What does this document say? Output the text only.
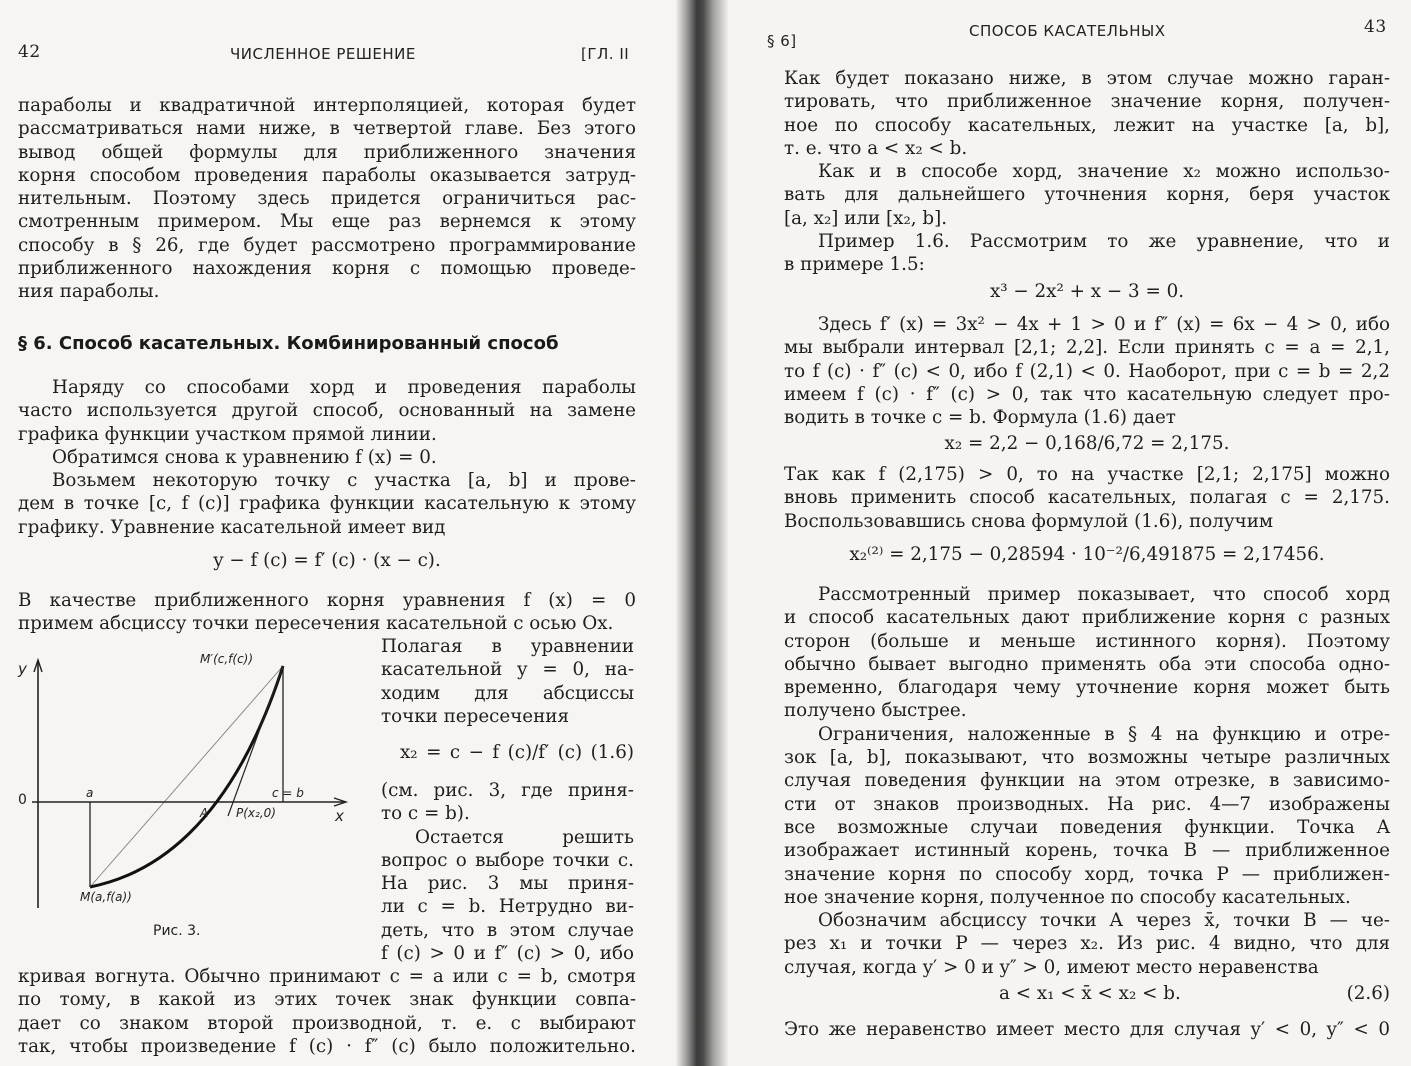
42	ЧИСЛЕННОЕ РЕШЕНИЕ	[ГЛ. II
параболы и квадратичной интерполяцией, которая будет
рассматриваться нами ниже, в четвертой главе. Без этого
вывод общей формулы для приближенного значения
корня способом проведения параболы оказывается затруд-
нительным. Поэтому здесь придется ограничиться рас-
смотренным примером. Мы еще раз вернемся к этому
способу в § 26, где будет рассмотрено программирование
приближенного нахождения корня с помощью проведе-
ния параболы.
§ 6. Способ касательных. Комбинированный способ
Наряду со способами хорд и проведения параболы
часто используется другой способ, основанный на замене
графика функции участком прямой линии.
Обратимся снова к уравнению f (x) = 0.
Возьмем некоторую точку c участка [a, b] и прове-
дем в точке [c, f (c)] графика функции касательную к этому
графику. Уравнение касательной имеет вид
y − f (c) = f′ (c) · (x − c).
В качестве приближенного корня уравнения f (x) = 0
примем абсциссу точки пересечения касательной с осью Ox.
y
x
0	a	c = b
A P(x₂,0)
M′(c,f(c))
M(a,f(a))
Рис. 3.
Полагая в уравнении
касательной y = 0, на-
ходим для абсциссы
точки пересечения
x₂ = c − f (c)/f′ (c) (1.6)
(см. рис. 3, где приня-
то c = b).
Остается решить
вопрос о выборе точки c.
На рис. 3 мы приня-
ли c = b. Нетрудно ви-
деть, что в этом случае
f (c) > 0 и f″ (c) > 0, ибо
кривая вогнута. Обычно принимают c = a или c = b, смотря
по тому, в какой из этих точек знак функции совпа-
дает со знаком второй производной, т. е. c выбирают
так, чтобы произведение f (c) · f″ (c) было положительно.
§ 6]
СПОСОБ КАСАТЕЛЬНЫХ	43
Как будет показано ниже, в этом случае можно гаран-
тировать, что приближенное значение корня, получен-
ное по способу касательных, лежит на участке [a, b],
т. е. что a < x₂ < b.
Как и в способе хорд, значение x₂ можно использо-
вать для дальнейшего уточнения корня, беря участок
[a, x₂] или [x₂, b].
Пример 1.6. Рассмотрим то же уравнение, что и
в примере 1.5:
x³ − 2x² + x − 3 = 0.
Здесь f′ (x) = 3x² − 4x + 1 > 0 и f″ (x) = 6x − 4 > 0, ибо
мы выбрали интервал [2,1; 2,2]. Если принять c = a = 2,1,
то f (c) · f″ (c) < 0, ибо f (2,1) < 0. Наоборот, при c = b = 2,2
имеем f (c) · f″ (c) > 0, так что касательную следует про-
водить в точке c = b. Формула (1.6) дает
x₂ = 2,2 − 0,168/6,72 = 2,175.
Так как f (2,175) > 0, то на участке [2,1; 2,175] можно
вновь применить способ касательных, полагая c = 2,175.
Воспользовавшись снова формулой (1.6), получим
x₂⁽²⁾ = 2,175 − 0,28594 · 10⁻²/6,491875 = 2,17456.
Рассмотренный пример показывает, что способ хорд
и способ касательных дают приближение корня с разных
сторон (больше и меньше истинного корня). Поэтому
обычно бывает выгодно применять оба эти способа одно-
временно, благодаря чему уточнение корня может быть
получено быстрее.
Ограничения, наложенные в § 4 на функцию и отре-
зок [a, b], показывают, что возможны четыре различных
случая поведения функции на этом отрезке, в зависимо-
сти от знаков производных. На рис. 4—7 изображены
все возможные случаи поведения функции. Точка A
изображает истинный корень, точка B — приближенное
значение корня по способу хорд, точка P — приближен-
ное значение корня, полученное по способу касательных.
Обозначим абсциссу точки A через x̄, точки B — че-
рез x₁ и точки P — через x₂. Из рис. 4 видно, что для
случая, когда y′ > 0 и y″ > 0, имеют место неравенства
a < x₁ < x̄ < x₂ < b.	(2.6)
Это же неравенство имеет место для случая y′ < 0, y″ < 0
